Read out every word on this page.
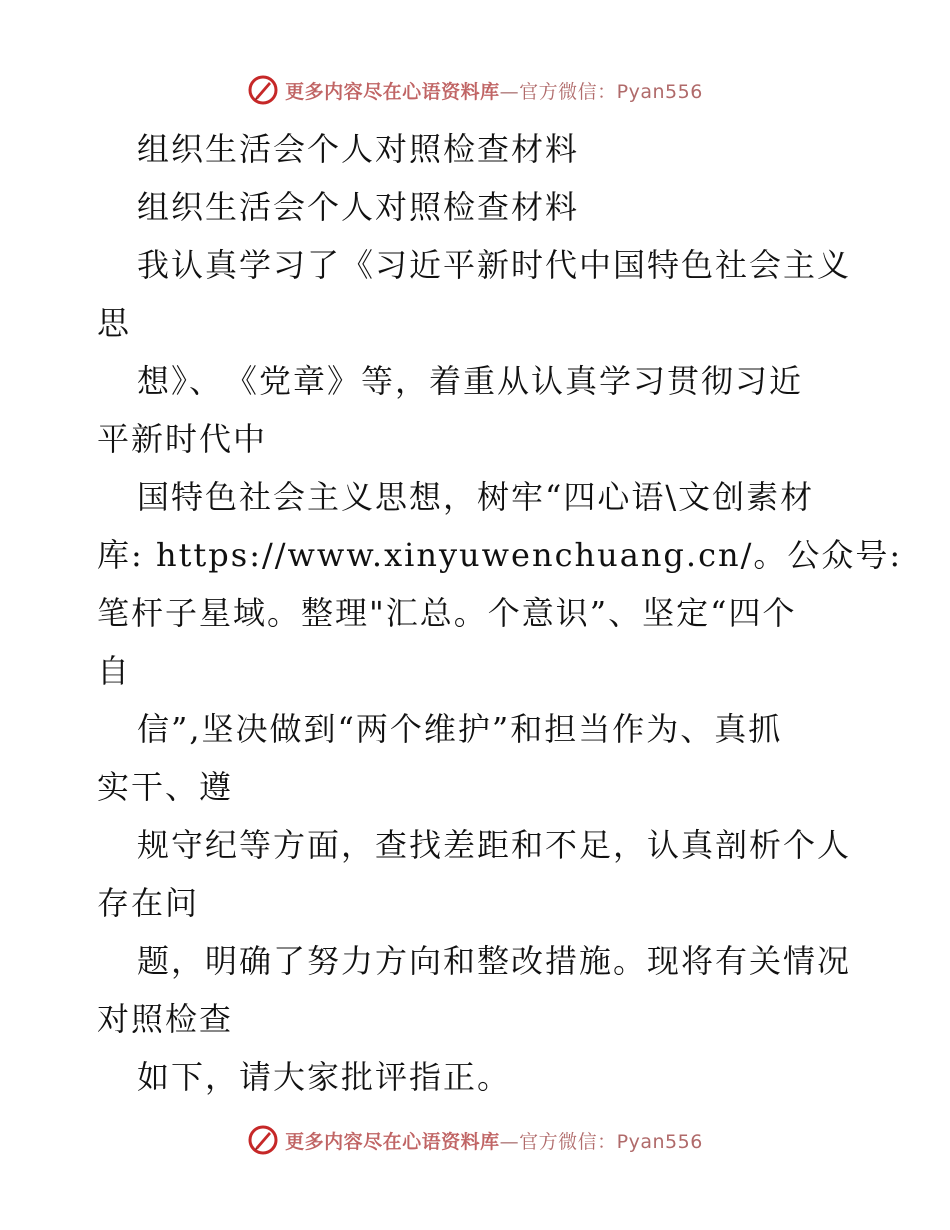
更多内容尽在心语资料库—官方微信：Pyan556
组织生活会个人对照检查材料
组织生活会个人对照检查材料
我认真学习了《习近平新时代中国特色社会主义
思
想》、　《党章》等，着重从认真学习贯彻习近
平新时代中
国特色社会主义思想，树牢“四心语\文创素材
库: https://www.xinyuwenchuang.cn/。公众号:
笔杆子星域。整理"汇总。个意识”、坚定“四个
自
信”,坚决做到“两个维护”和担当作为、真抓
实干、遵
规守纪等方面，查找差距和不足，认真剖析个人
存在问
题，明确了努力方向和整改措施。现将有关情况
对照检查
如下，请大家批评指正。
更多内容尽在心语资料库—官方微信：Pyan556
